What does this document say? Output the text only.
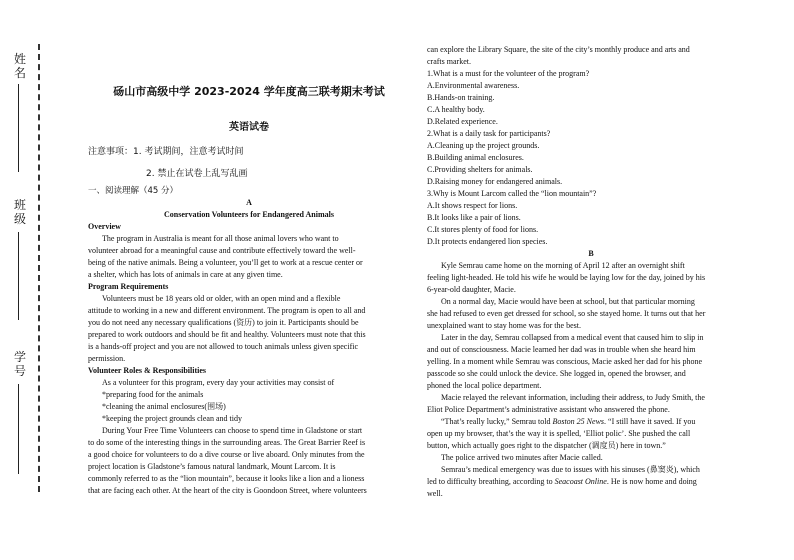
姓名
班级
学号
砀山市高级中学 2023-2024 学年度高三联考期末考试
英语试卷
注意事项：1. 考试期间，注意考试时间
2. 禁止在试卷上乱写乱画
一、阅读理解（45 分）

A

Conservation Volunteers for Endangered Animals

Overview

The program in Australia is meant for all those animal lovers who want to

volunteer abroad for a meaningful cause and contribute effectively toward the well-

being of the native animals. Being a volunteer, you’ll get to work at a rescue center or

a shelter, which has lots of animals in care at any given time.

Program Requirements

Volunteers must be 18 years old or older, with an open mind and a flexible

attitude to working in a new and different environment. The program is open to all and

you do not need any necessary qualifications (资历) to join it. Participants should be

prepared to work outdoors and should be fit and healthy. Volunteers must note that this

is a hands-off project and you are not allowed to touch animals unless given specific

permission.

Volunteer Roles & Responsibilities

As a volunteer for this program, every day your activities may consist of

*preparing food for the animals

*cleaning the animal enclosures(围场)

*keeping the project grounds clean and tidy

During Your Free Time Volunteers can choose to spend time in Gladstone or start

to do some of the interesting things in the surrounding areas. The Great Barrier Reef is

a good choice for volunteers to do a dive course or live aboard. Only minutes from the

project location is Gladstone’s famous natural landmark, Mount Larcom. It is

commonly referred to as the “lion mountain”, because it looks like a lion and a lioness

that are facing each other. At the heart of the city is Goondoon Street, where volunteers

can explore the Library Square, the site of the city’s monthly produce and arts and

crafts market.

1.What is a must for the volunteer of the program?

A.Environmental awareness.

B.Hands-on training.

C.A healthy body.

D.Related experience.

2.What is a daily task for participants?

A.Cleaning up the project grounds.

B.Building animal enclosures.

C.Providing shelters for animals.

D.Raising money for endangered animals.

3.Why is Mount Larcom called the “lion mountain”?

A.It shows respect for lions.

B.It looks like a pair of lions.

C.It stores plenty of food for lions.

D.It protects endangered lion species.

B

Kyle Semrau came home on the morning of April 12 after an overnight shift

feeling light-headed. He told his wife he would be laying low for the day, joined by his

6-year-old daughter, Macie.

On a normal day, Macie would have been at school, but that particular morning

she had refused to even get dressed for school, so she stayed home. It turns out that her

unexplained want to stay home was for the best.

Later in the day, Semrau collapsed from a medical event that caused him to slip in

and out of consciousness. Macie learned her dad was in trouble when she heard him

yelling. In a moment while Semrau was conscious, Macie asked her dad for his phone

passcode so she could unlock the device. She logged in, opened the browser, and

phoned the local police department.

Macie relayed the relevant information, including their address, to Judy Smith, the

Eliot Police Department’s administrative assistant who answered the phone.

“That’s really lucky,” Semrau told Boston 25 News. “I still have it saved. If you

open up my browser, that’s the way it is spelled, ‘Elliot polic’. She pushed the call

button, which actually goes right to the dispatcher (调度员) here in town.”

The police arrived two minutes after Macie called.

Semrau’s medical emergency was due to issues with his sinuses (鼻窦炎), which

led to difficulty breathing, according to Seacoast Online. He is now home and doing

well.
